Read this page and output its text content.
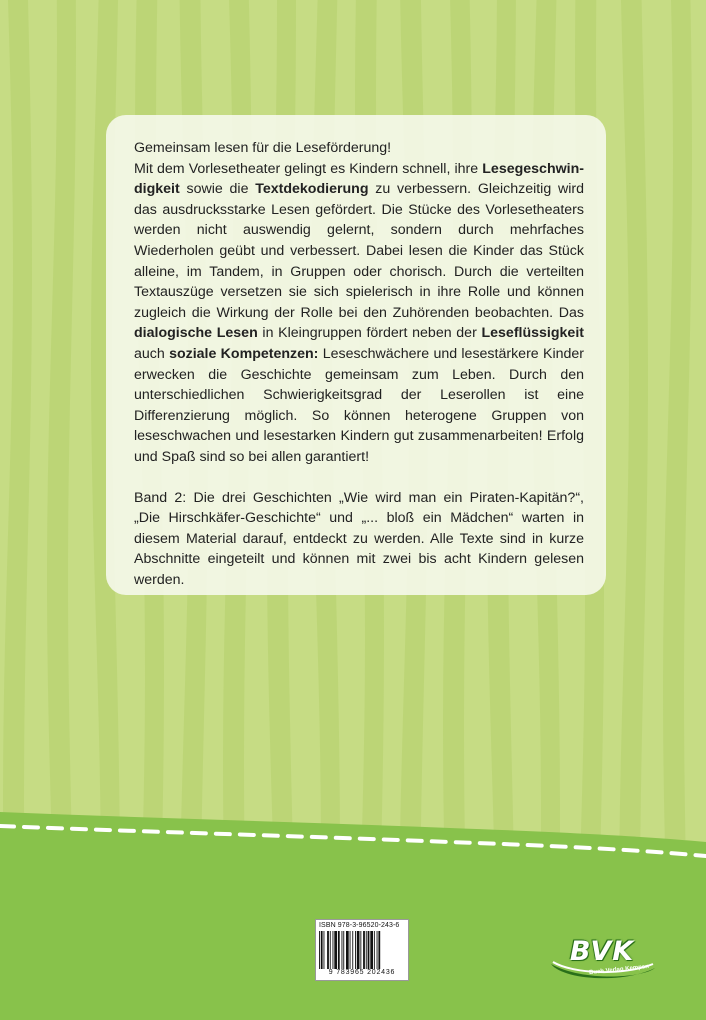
Gemeinsam lesen für die Leseförderung!
Mit dem Vorlesetheater gelingt es Kindern schnell, ihre Lesegeschwindigkeit sowie die Textdekodierung zu verbessern. Gleichzeitig wird das ausdrucksstarke Lesen gefördert. Die Stücke des Vorlesetheaters werden nicht auswendig gelernt, sondern durch mehrfaches Wiederholen geübt und verbessert. Dabei lesen die Kinder das Stück alleine, im Tandem, in Gruppen oder chorisch. Durch die verteilten Textauszüge versetzen sie sich spielerisch in ihre Rolle und können zugleich die Wirkung der Rolle bei den Zuhörenden beobachten. Das dialogische Lesen in Kleingruppen fördert neben der Leseflüssigkeit auch soziale Kompetenzen: Leseschwächere und lesestärkere Kinder erwecken die Geschichte gemeinsam zum Leben. Durch den unterschiedlichen Schwierigkeitsgrad der Leserollen ist eine Differenzierung möglich. So können heterogene Gruppen von leseschwachen und lesestarken Kindern gut zusammenarbeiten! Erfolg und Spaß sind so bei allen garantiert!

Band 2: Die drei Geschichten „Wie wird man ein Piraten-Kapitän?“, „Die Hirschkäfer-Geschichte“ und „... bloß ein Mädchen“ warten in diesem Material darauf, entdeckt zu werden. Alle Texte sind in kurze Abschnitte eingeteilt und können mit zwei bis acht Kindern gelesen werden.

ISBN 978-3-96520-243-6
9 783965 202436
BVK
Buch Verlag Kempen
